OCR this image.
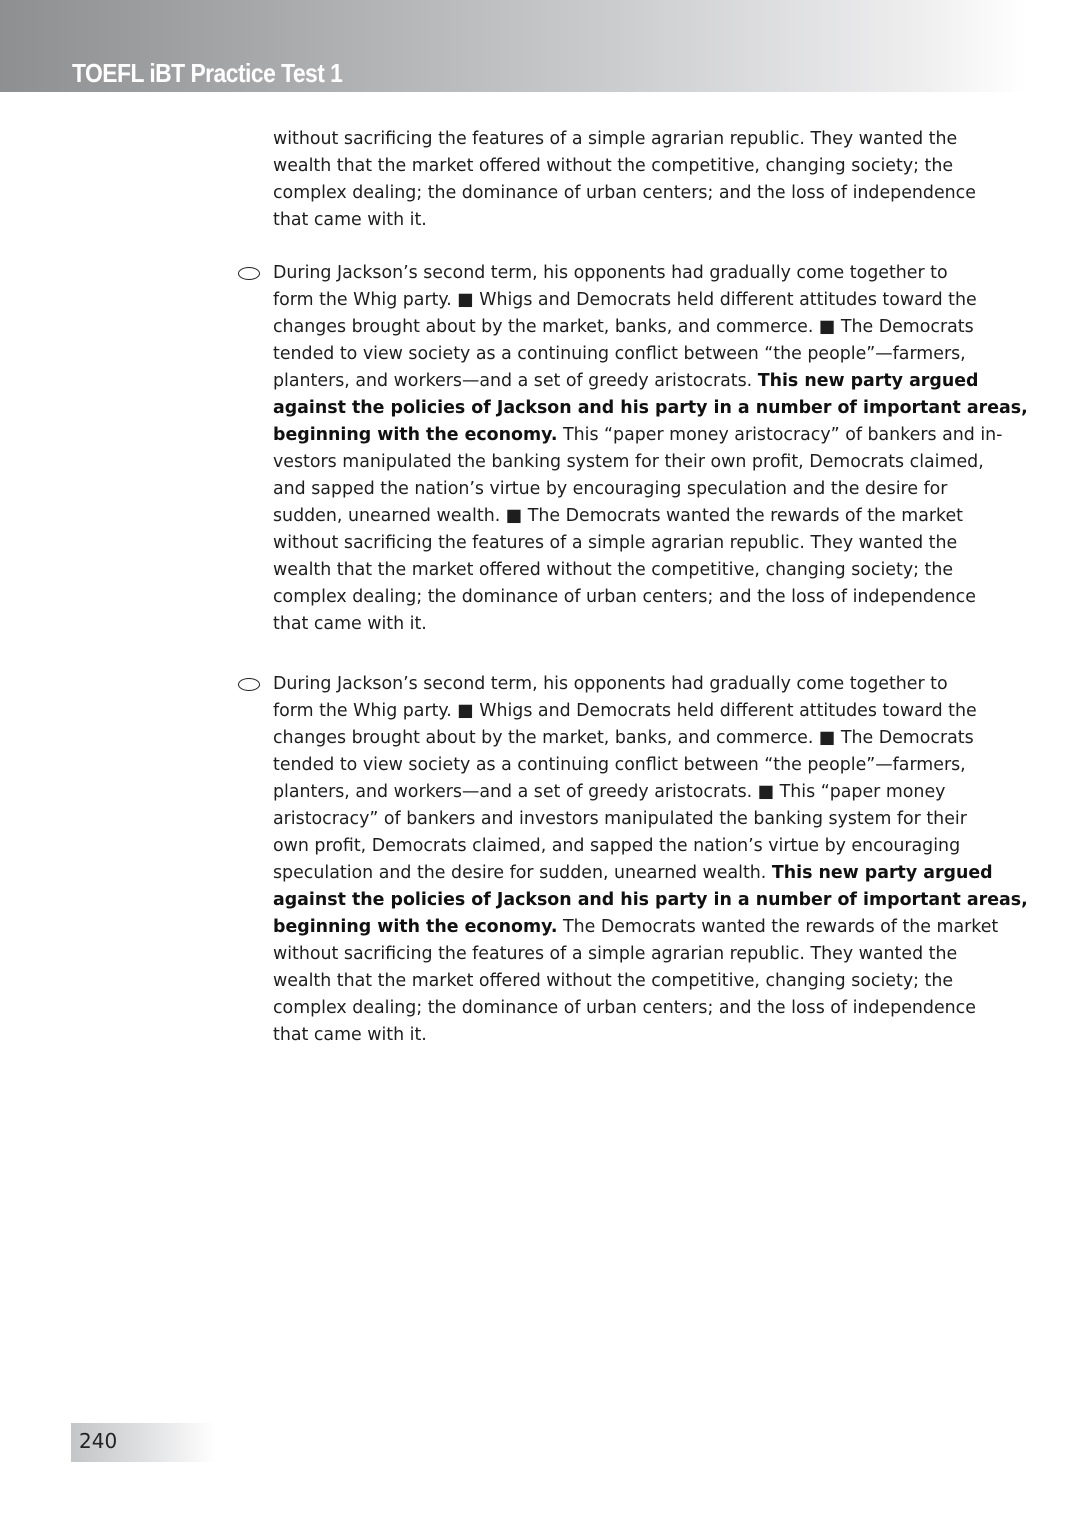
TOEFL iBT Practice Test 1
without sacrificing the features of a simple agrarian republic. They wanted the
wealth that the market offered without the competitive, changing society; the
complex dealing; the dominance of urban centers; and the loss of independence
that came with it.
During Jackson’s second term, his opponents had gradually come together to
form the Whig party. ■ Whigs and Democrats held different attitudes toward the
changes brought about by the market, banks, and commerce. ■ The Democrats
tended to view society as a continuing conflict between “the people”—farmers,
planters, and workers—and a set of greedy aristocrats. This new party argued
against the policies of Jackson and his party in a number of important areas,
beginning with the economy. This “paper money aristocracy” of bankers and in-
vestors manipulated the banking system for their own profit, Democrats claimed,
and sapped the nation’s virtue by encouraging speculation and the desire for
sudden, unearned wealth. ■ The Democrats wanted the rewards of the market
without sacrificing the features of a simple agrarian republic. They wanted the
wealth that the market offered without the competitive, changing society; the
complex dealing; the dominance of urban centers; and the loss of independence
that came with it.
During Jackson’s second term, his opponents had gradually come together to
form the Whig party. ■ Whigs and Democrats held different attitudes toward the
changes brought about by the market, banks, and commerce. ■ The Democrats
tended to view society as a continuing conflict between “the people”—farmers,
planters, and workers—and a set of greedy aristocrats. ■ This “paper money
aristocracy” of bankers and investors manipulated the banking system for their
own profit, Democrats claimed, and sapped the nation’s virtue by encouraging
speculation and the desire for sudden, unearned wealth. This new party argued
against the policies of Jackson and his party in a number of important areas,
beginning with the economy. The Democrats wanted the rewards of the market
without sacrificing the features of a simple agrarian republic. They wanted the
wealth that the market offered without the competitive, changing society; the
complex dealing; the dominance of urban centers; and the loss of independence
that came with it.
240
